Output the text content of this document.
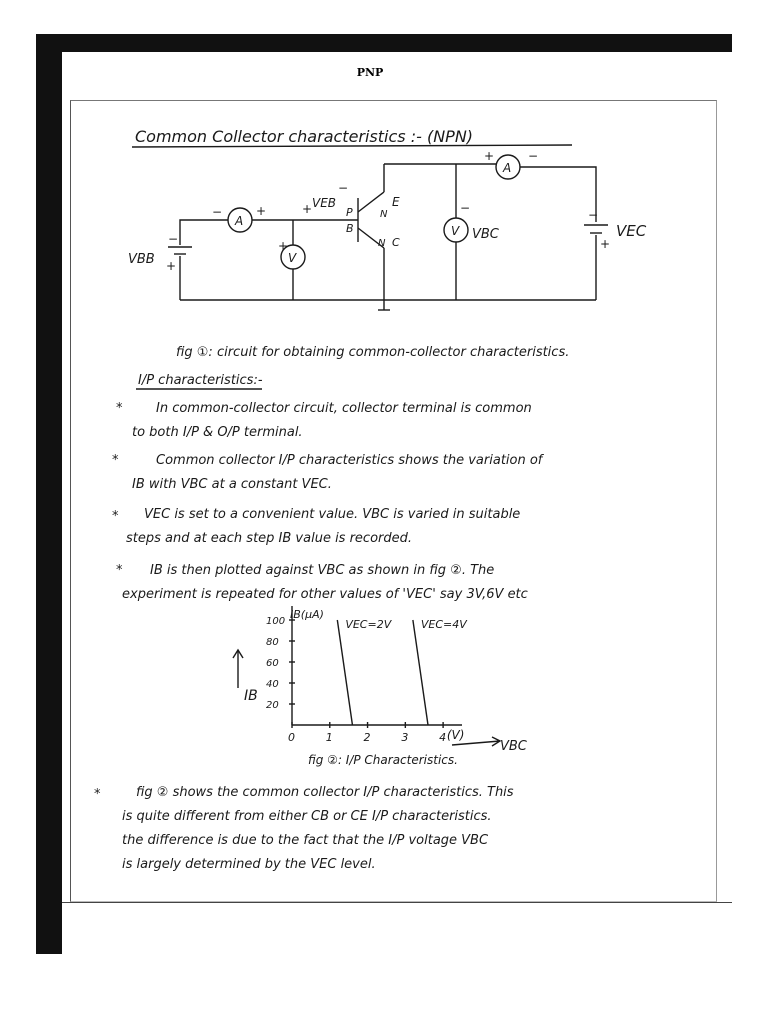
PNP
Common Collector characteristics :- (NPN)
A
V
VBB
−
+
−	+
+
+ VEB
−
P
B
N
N
E
C
A
+	−
V VBC
−
VEC
−
+
fig ①: circuit for obtaining common-collector characteristics.
I/P characteristics:-
*	In common-collector circuit, collector terminal is common
to both I/P & O/P terminal.
*	Common collector I/P characteristics shows the variation of
IB with VBC at a constant VEC.
* VEC is set to a convenient value. VBC is varied in suitable
steps and at each step IB value is recorded.
* IB is then plotted against VBC as shown in fig ②. The
experiment is repeated for other values of 'VEC' say 3V,6V etc
0	1	2	3	4
20
40
60
80
100	VEC=2V	VEC=4V
IB(μA)
(V)
VBC
IB
fig ②: I/P Characteristics.
*	fig ② shows the common collector I/P characteristics. This
is quite different from either CB or CE I/P characteristics.
the difference is due to the fact that the I/P voltage VBC
is largely determined by the VEC level.
